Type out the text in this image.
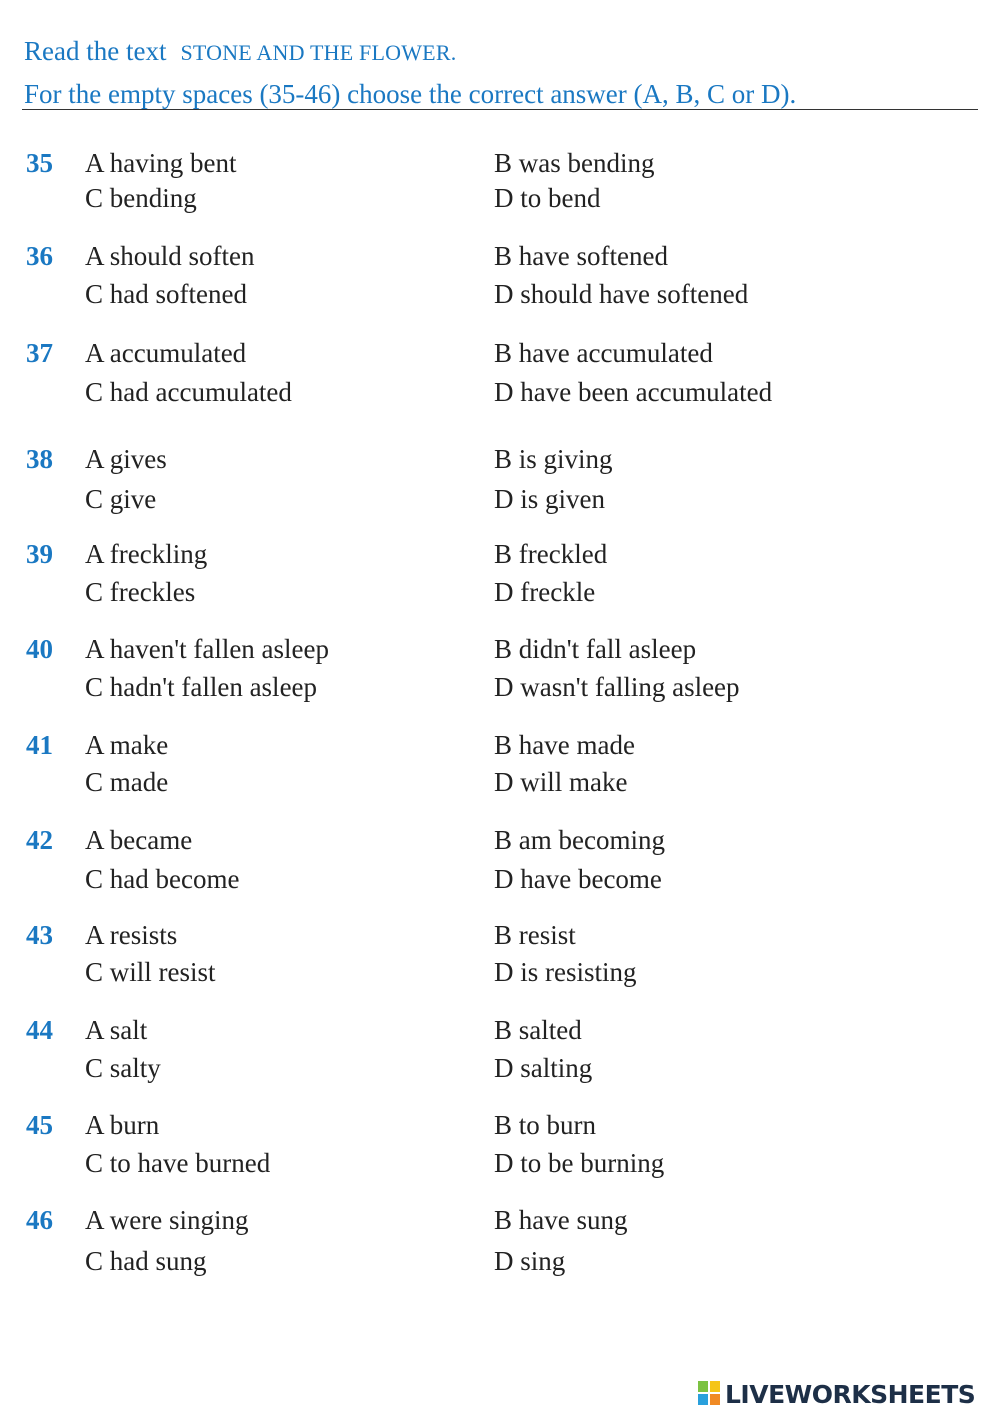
Read the text STONE AND THE FLOWER.
For the empty spaces (35-46) choose the correct answer (A, B, C or D).
35 A having bent	B was bending
C bending	D to bend
36 A should soften	B have softened
C had softened	D should have softened
37 A accumulated	B have accumulated
C had accumulated	D have been accumulated
38 A gives	B is giving
C give	D is given
39 A freckling	B freckled
C freckles	D freckle
40 A haven't fallen asleep	B didn't fall asleep
C hadn't fallen asleep	D wasn't falling asleep
41 A make	B have made
C made	D will make
42 A became	B am becoming
C had become	D have become
43 A resists	B resist
C will resist	D is resisting
44 A salt	B salted
C salty	D salting
45 A burn	B to burn
C to have burned	D to be burning
46 A were singing	B have sung
C had sung	D sing
LIVEWORKSHEETS
